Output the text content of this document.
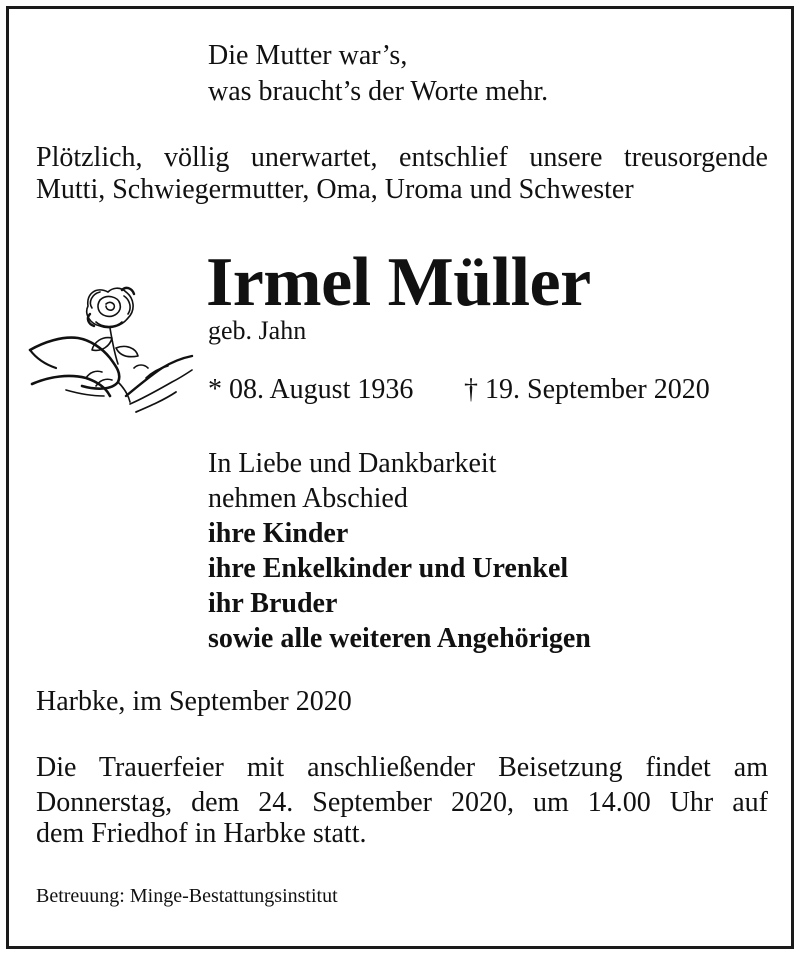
Die Mutter war’s,
was braucht’s der Worte mehr.
Plötzlich, völlig unerwartet, entschlief unsere treusorgende
Mutti, Schwiegermutter, Oma, Uroma und Schwester
Irmel Müller
geb. Jahn
* 08. August 1936 † 19. September 2020
In Liebe und Dankbarkeit
nehmen Abschied
ihre Kinder
ihre Enkelkinder und Urenkel
ihr Bruder
sowie alle weiteren Angehörigen
Harbke, im September 2020
Die Trauerfeier mit anschließender Beisetzung findet am
Donnerstag, dem 24. September 2020, um 14.00 Uhr auf
dem Friedhof in Harbke statt.
Betreuung: Minge-Bestattungsinstitut
